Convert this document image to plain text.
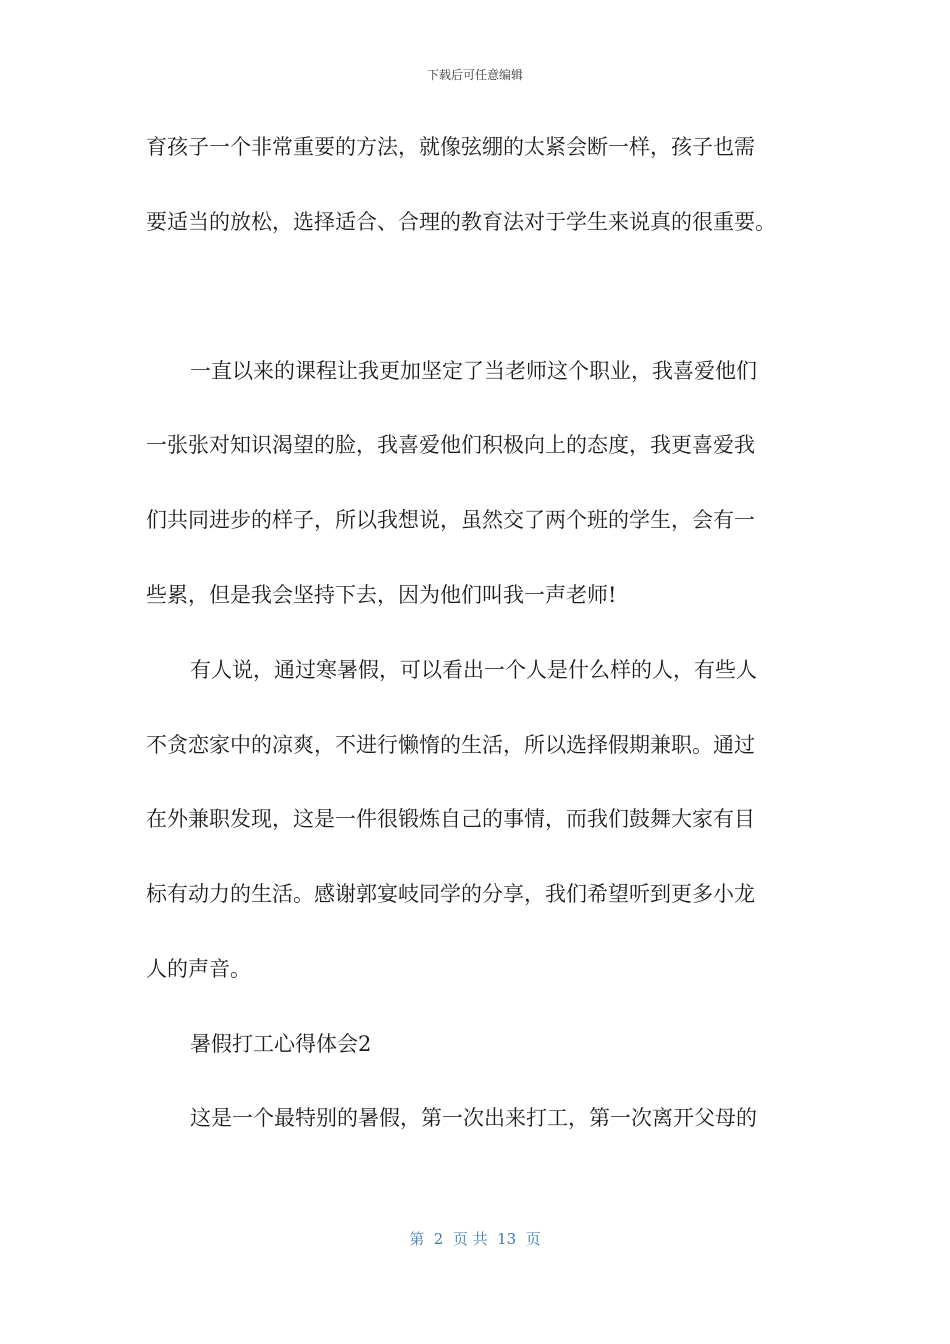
下载后可任意编辑
育孩子一个非常重要的方法，就像弦绷的太紧会断一样，孩子也需
要适当的放松，选择适合、合理的教育法对于学生来说真的很重要。
一直以来的课程让我更加坚定了当老师这个职业，我喜爱他们
一张张对知识渴望的脸，我喜爱他们积极向上的态度，我更喜爱我
们共同进步的样子，所以我想说，虽然交了两个班的学生，会有一
些累，但是我会坚持下去，因为他们叫我一声老师!
有人说，通过寒暑假，可以看出一个人是什么样的人，有些人
不贪恋家中的凉爽，不进行懒惰的生活，所以选择假期兼职。通过
在外兼职发现，这是一件很锻炼自己的事情，而我们鼓舞大家有目
标有动力的生活。感谢郭宴岐同学的分享，我们希望听到更多小龙
人的声音。
暑假打工心得体会2
这是一个最特别的暑假，第一次出来打工，第一次离开父母的
第  2  页 共  13  页
